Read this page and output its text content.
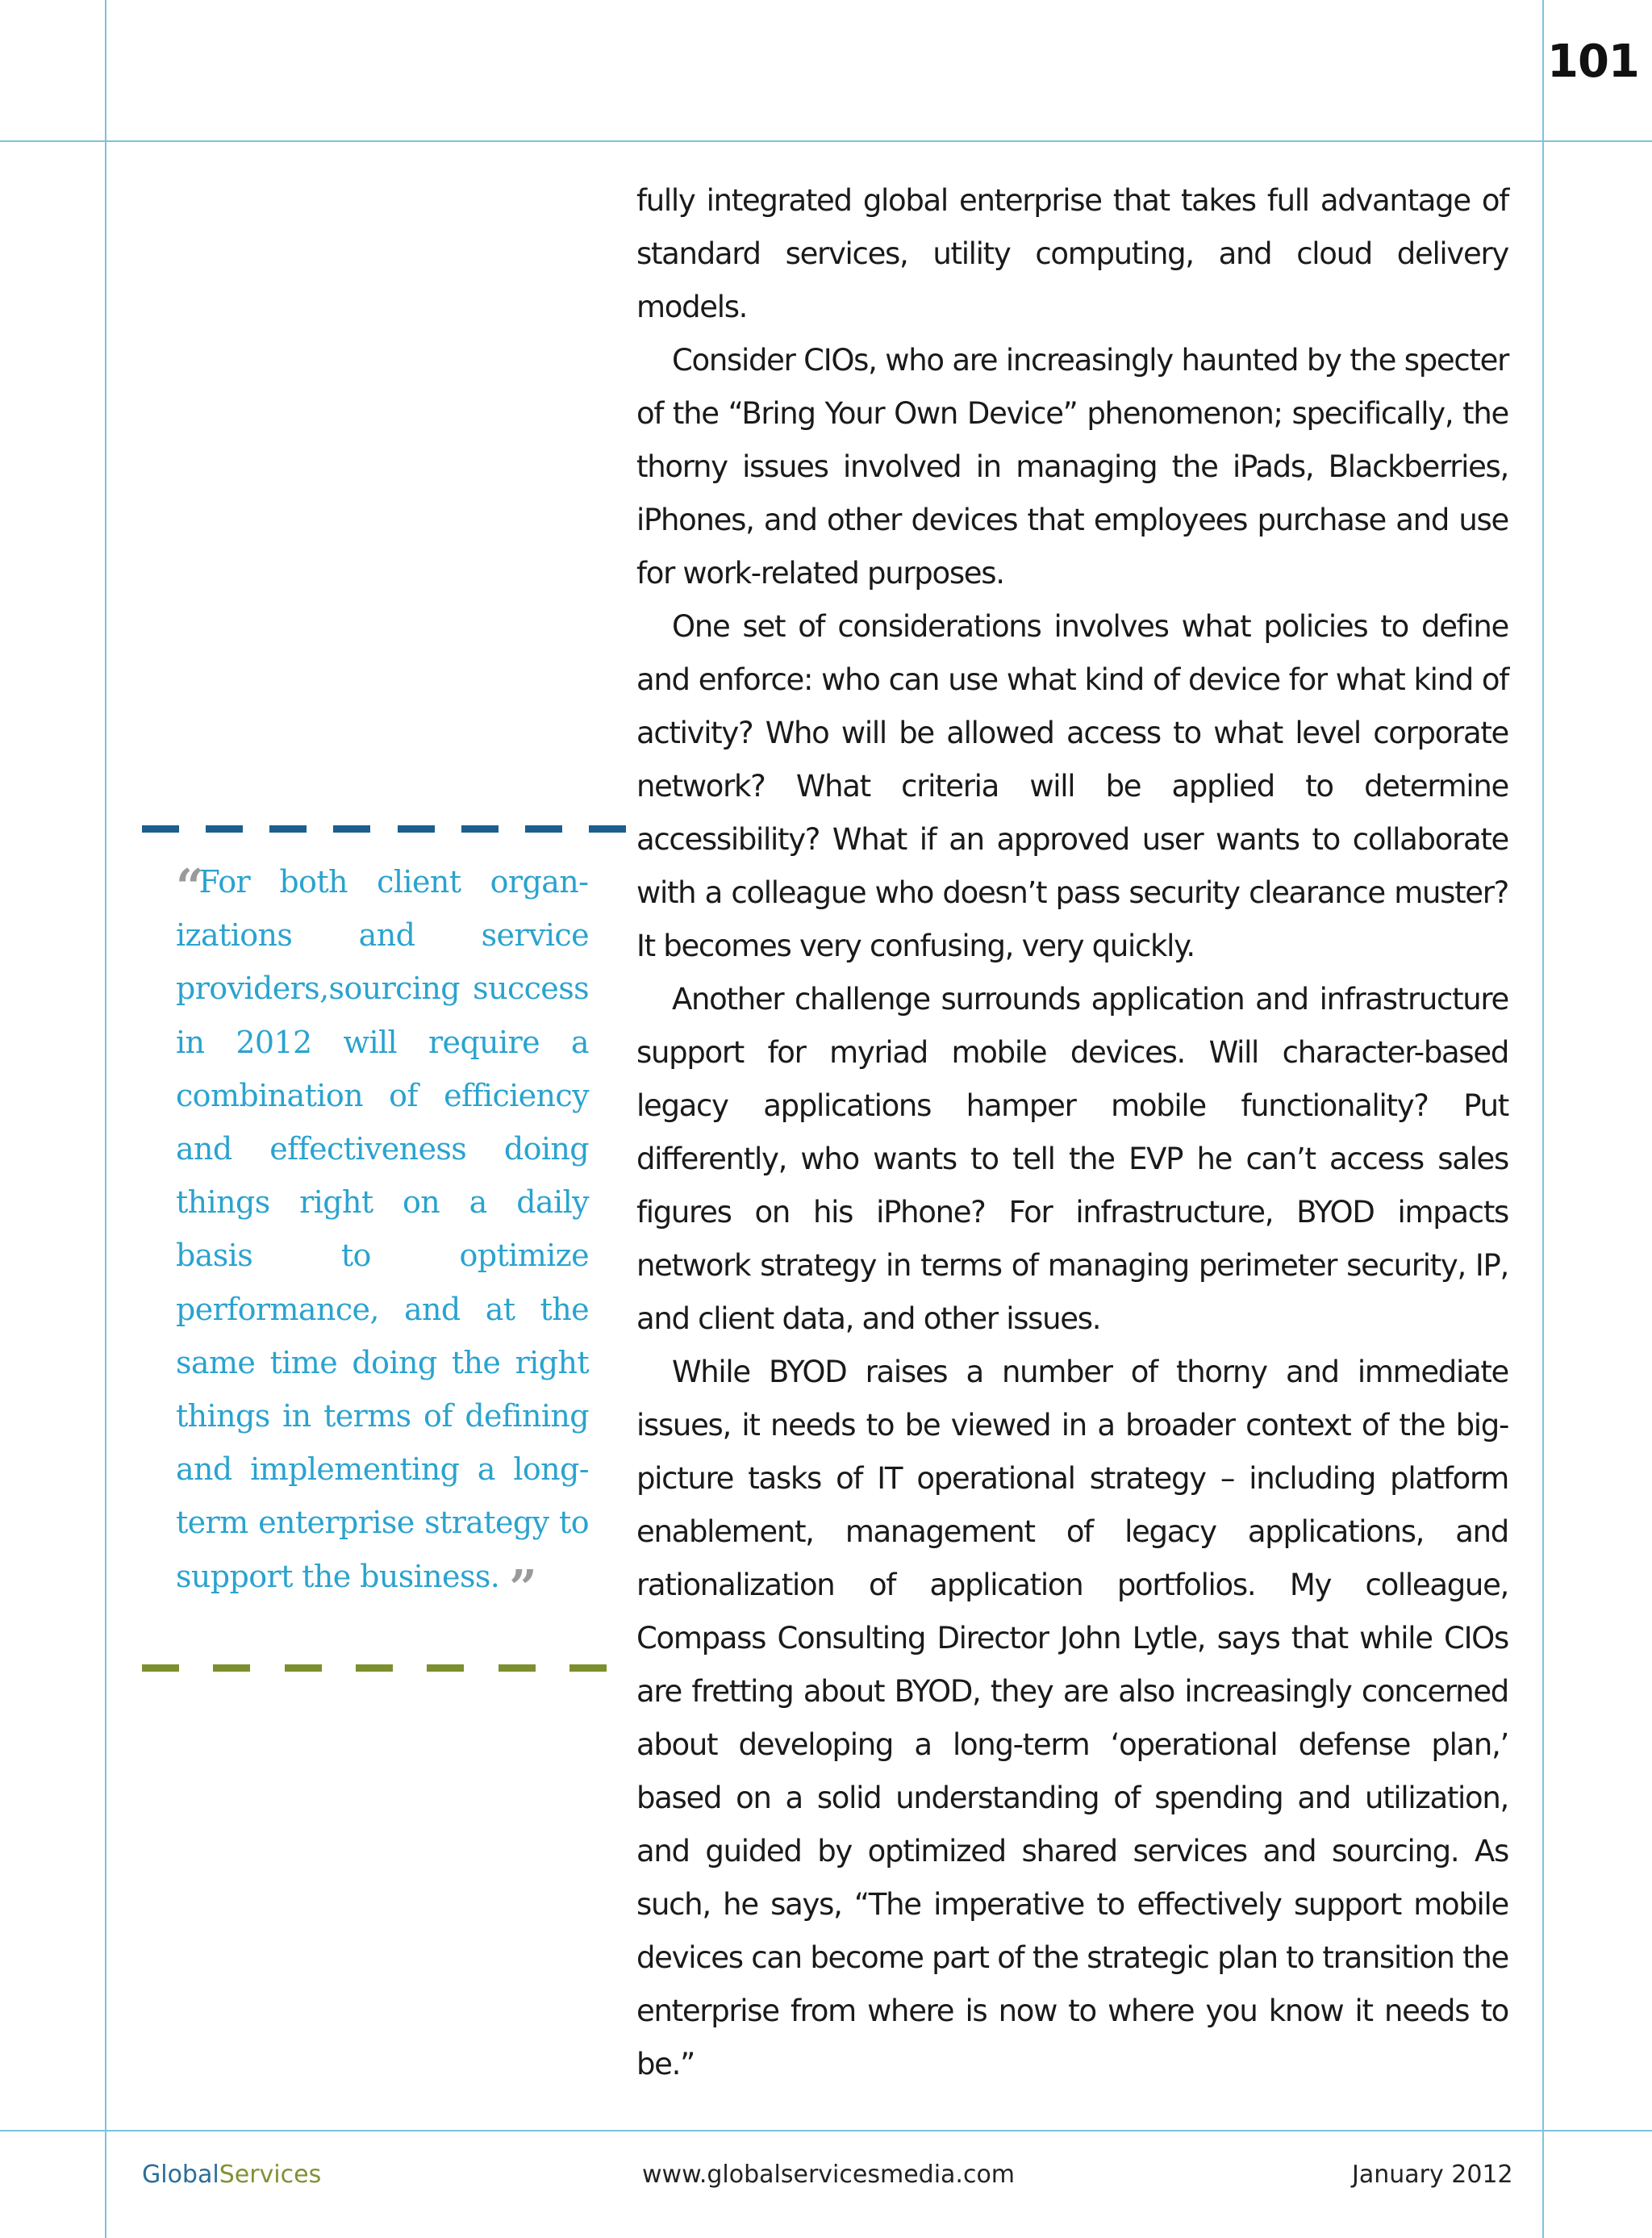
101
“For both client organizations and service providers,sourcing success in 2012 will require a combination of efficiency and effectiveness doing things right on a daily basis to optimize performance, and at the same time doing the right things in terms of defining and implementing a long-term enterprise strategy to support the business. ”

fully integrated global enterprise that takes full advantage of standard services, utility computing, and cloud delivery models.

Consider CIOs, who are increasingly haunted by the specter of the “Bring Your Own Device” phenomenon; specifically, the thorny issues involved in managing the iPads, Blackberries, iPhones, and other devices that employees purchase and use for work-related purposes.

One set of considerations involves what policies to define and enforce: who can use what kind of device for what kind of activity? Who will be allowed access to what level corporate network? What criteria will be applied to determine accessibility? What if an approved user wants to collaborate with a colleague who doesn’t pass security clearance muster? It becomes very confusing, very quickly.

Another challenge surrounds application and infrastructure support for myriad mobile devices. Will character-based legacy applications hamper mobile functionality? Put differently, who wants to tell the EVP he can’t access sales figures on his iPhone? For infrastructure, BYOD impacts network strategy in terms of managing perimeter security, IP, and client data, and other issues.

While BYOD raises a number of thorny and immediate issues, it needs to be viewed in a broader context of the big-picture tasks of IT operational strategy – including platform enablement, management of legacy applications, and rationalization of application portfolios. My colleague, Compass Consulting Director John Lytle, says that while CIOs are fretting about BYOD, they are also increasingly concerned about developing a long-term ‘operational defense plan,’ based on a solid understanding of spending and utilization, and guided by optimized shared services and sourcing. As such, he says, “The imperative to effectively support mobile devices can become part of the strategic plan to transition the enterprise from where is now to where you know it needs to be.”

GlobalServices	www.globalservicesmedia.com	January 2012
